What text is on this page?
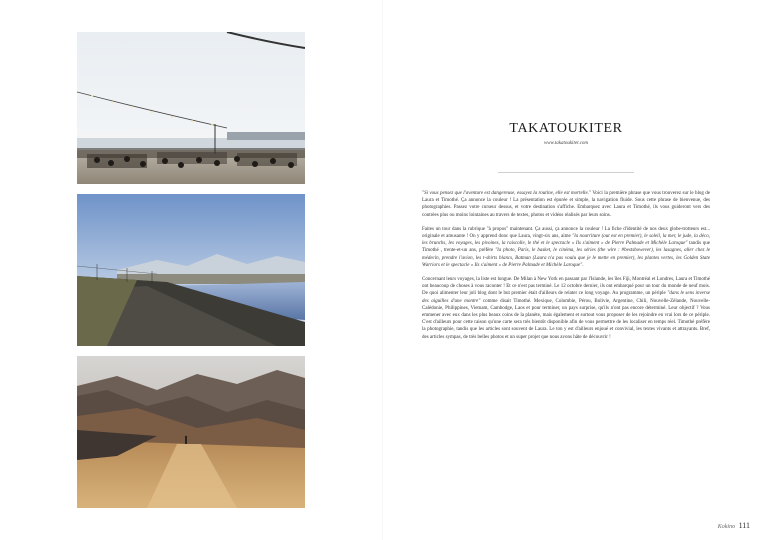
TAKATOUKITER
www.takatoukiter.com

"Si vous pensez que l'aventure est dangereuse, essayez la routine, elle est mortelle." Voici la première phrase que vous trouverez sur le blog de Laura et Timothé. Ça annonce la couleur ! La présentation est épurée et simple, la navigation fluide. Sous cette phrase de bienvenue, des photographies. Passez votre curseur dessus, et votre destination s'affiche. Embarquez avec Laura et Timothé, ils vous guideront vers des contrées plus ou moins lointaines au travers de textes, photos et vidéos réalisés par leurs soins.

Faites un tour dans la rubrique "à propos" maintenant. Ça aussi, ça annonce la couleur ! La fiche d'identité de nos deux globe-trotteurs est... originale et amusante ! On y apprend donc que Laura, vingt-six ans, aime "la nourriture (out est en premier), le soleil, la mer, le jude, la déco, les brunchs, les voyages, les pivoines, la raiscolle, le thé et le spectacle « Ils s'aiment » de Pierre Palmade et Michèle Laroque" tandis que Timothé , trente-et-un ans, préfère "la photo, Paris, le basket, le cinéma, les séries (the wire : #bestshowever), les lasagnes, aller chez le médecin, prendre l'avion, les t-shirts blancs, Batman (Laura n'a pas voulu que je le mette en premier), les plantes vertes, les Golden State Warriors et le spectacle « Ils s'aiment » de Pierre Palmade et Michèle Laroque".

Concernant leurs voyages, la liste est longue. De Milan à New York en passant par l'Islande, les îles Fiji, Montréal et Londres, Laura et Timothé ont beaucoup de choses à vous raconter ! Et ce n'est pas terminé. Le 12 octobre dernier, ils ont embarqué pour un tour du monde de neuf mois. De quoi alimenter leur joli blog dont le but premier était d'ailleurs de relater ce long voyage. Au programme, un périple "dans le sens inverse des aiguilles d'une montre" comme disait Timothé. Mexique, Colombie, Pérou, Bolivie, Argentine, Chili, Nouvelle-Zélande, Nouvelle-Calédonie, Philippines, Vietnam, Cambodge, Laos et pour terminer, un pays surprise, qu'ils n'ont pas encore déterminé. Leur objectif ? Vous emmener avec eux dans les plus beaux coins de la planète, mais également et surtout vous proposer de les rejoindre en vrai lors de ce périple. C'est d'ailleurs pour cette raison qu'une carte sera très bientôt disponible afin de vous permettre de les localiser en temps réel. Timothé préfère la photographie, tandis que les articles sont souvent de Laura. Le ton y est d'ailleurs enjoué et convivial, les textes vivants et attrayants. Bref, des articles sympas, de très belles photos et un super projet que nous avons hâte de découvrir !

Kokino 111
